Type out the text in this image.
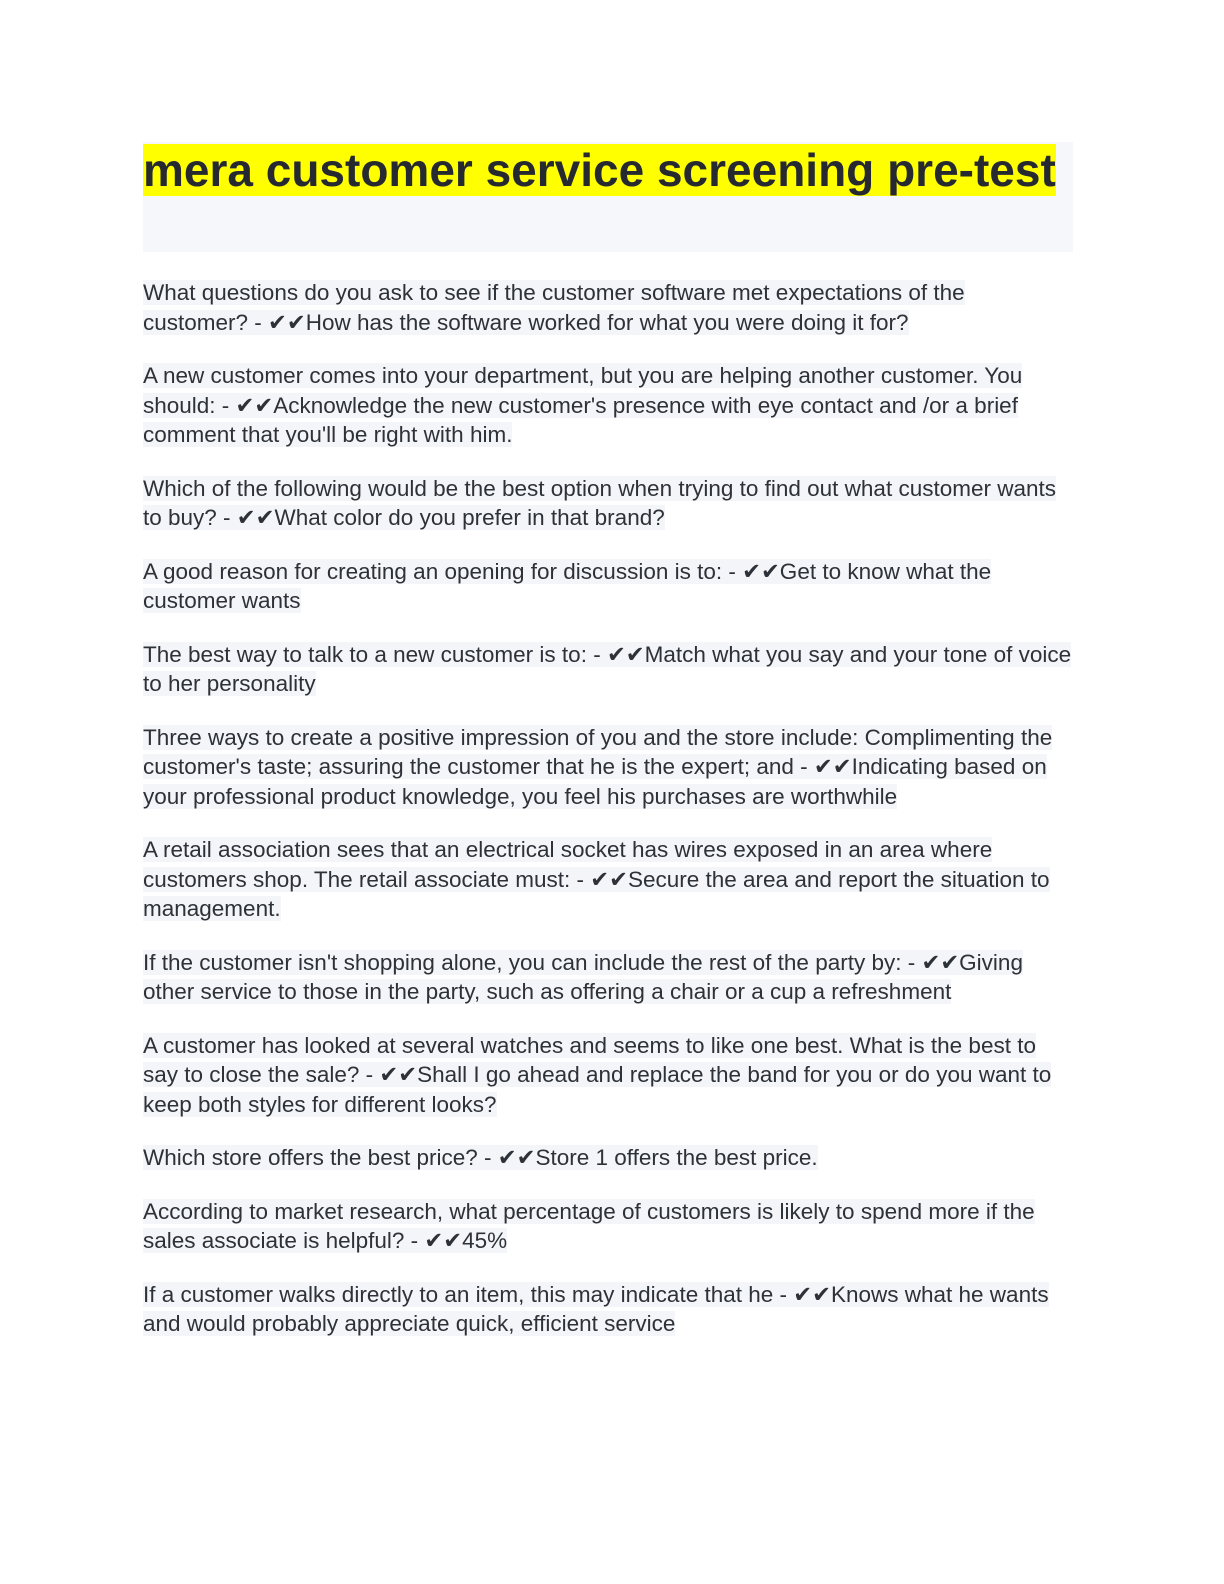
mera customer service screening pre-test

What questions do you ask to see if the customer software met expectations of the customer? - ✔✔How has the software worked for what you were doing it for?

A new customer comes into your department, but you are helping another customer. You should: - ✔✔Acknowledge the new customer's presence with eye contact and /or a brief comment that you'll be right with him.

Which of the following would be the best option when trying to find out what customer wants to buy? - ✔✔What color do you prefer in that brand?

A good reason for creating an opening for discussion is to: - ✔✔Get to know what the customer wants

The best way to talk to a new customer is to: - ✔✔Match what you say and your tone of voice to her personality

Three ways to create a positive impression of you and the store include: Complimenting the customer's taste; assuring the customer that he is the expert; and - ✔✔Indicating based on your professional product knowledge, you feel his purchases are worthwhile

A retail association sees that an electrical socket has wires exposed in an area where customers shop. The retail associate must: - ✔✔Secure the area and report the situation to management.

If the customer isn't shopping alone, you can include the rest of the party by: - ✔✔Giving other service to those in the party, such as offering a chair or a cup a refreshment

A customer has looked at several watches and seems to like one best. What is the best to say to close the sale? - ✔✔Shall I go ahead and replace the band for you or do you want to keep both styles for different looks?

Which store offers the best price? - ✔✔Store 1 offers the best price.

According to market research, what percentage of customers is likely to spend more if the sales associate is helpful? - ✔✔45%

If a customer walks directly to an item, this may indicate that he - ✔✔Knows what he wants and would probably appreciate quick, efficient service
